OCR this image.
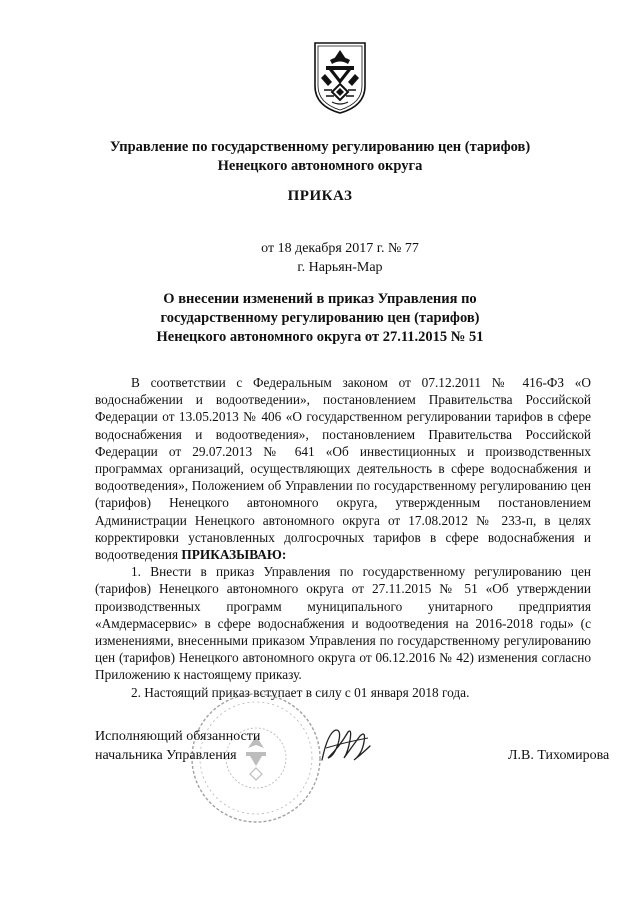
Управление по государственному регулированию цен (тарифов)
Ненецкого автономного округа
ПРИКАЗ
от 18 декабря 2017 г. № 77
г. Нарьян-Мар
О внесении изменений в приказ Управления по
государственному регулированию цен (тарифов)
Ненецкого автономного округа от 27.11.2015 № 51

В соответствии с Федеральным законом от 07.12.2011 № 416-ФЗ «О водоснабжении и водоотведении», постановлением Правительства Российской Федерации от 13.05.2013 № 406 «О государственном регулировании тарифов в сфере водоснабжения и водоотведения», постановлением Правительства Российской Федерации от 29.07.2013 № 641 «Об инвестиционных и производственных программах организаций, осуществляющих деятельность в сфере водоснабжения и водоотведения», Положением об Управлении по государственному регулированию цен (тарифов) Ненецкого автономного округа, утвержденным постановлением Администрации Ненецкого автономного округа от 17.08.2012 № 233-п, в целях корректировки установленных долгосрочных тарифов в сфере водоснабжения и водоотведения ПРИКАЗЫВАЮ:

1. Внести в приказ Управления по государственному регулированию цен (тарифов) Ненецкого автономного округа от 27.11.2015 № 51 «Об утверждении производственных программ муниципального унитарного предприятия «Амдермасервис» в сфере водоснабжения и водоотведения на 2016-2018 годы» (с изменениями, внесенными приказом Управления по государственному регулированию цен (тарифов) Ненецкого автономного округа от 06.12.2016 № 42) изменения согласно Приложению к настоящему приказу.

2. Настоящий приказ вступает в силу с 01 января 2018 года.

Исполняющий обязанности
начальника Управления	Л.В. Тихомирова
